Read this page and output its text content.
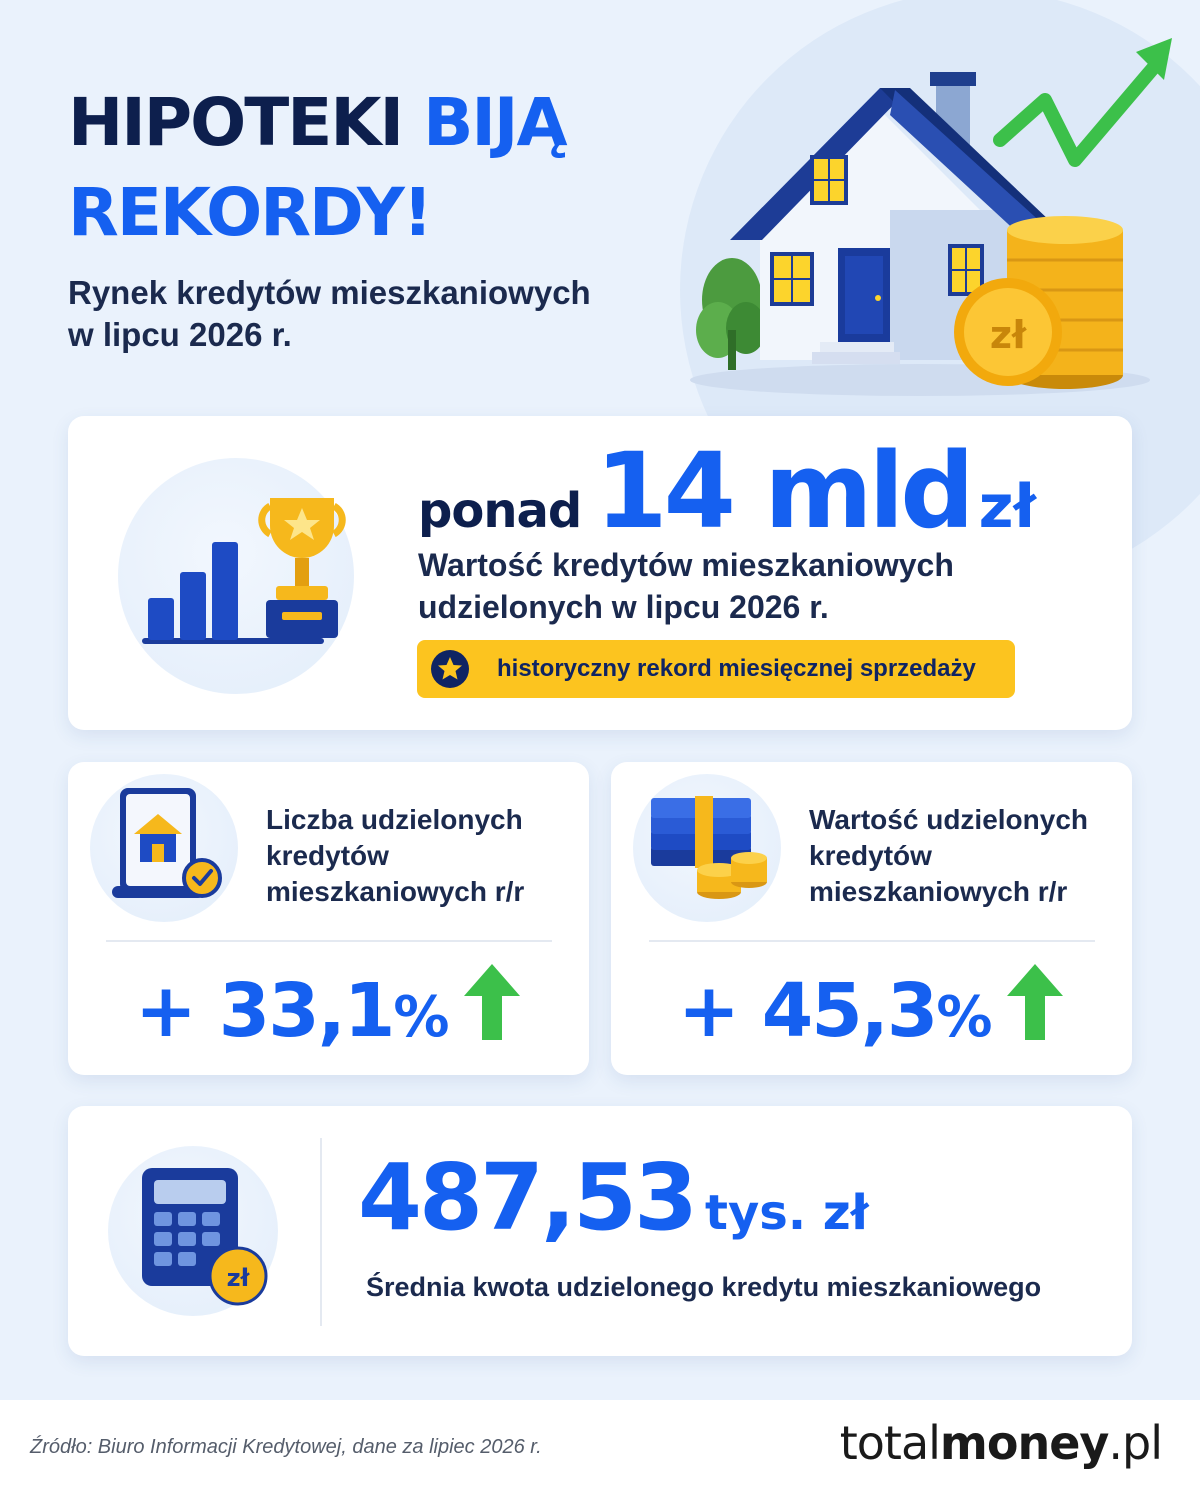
HIPOTEKI BIJĄ
REKORDY!
Rynek kredytów mieszkaniowych
w lipcu 2026 r.	zł
ponad 14 mld zł
Wartość kredytów mieszkaniowych
udzielonych w lipcu 2026 r.
historyczny rekord miesięcznej sprzedaży
Liczba udzielonych
kredytów
mieszkaniowych r/r
+ 33,1%
Wartość udzielonych
kredytów
mieszkaniowych r/r
+ 45,3%
zł
487,53 tys. zł
Średnia kwota udzielonego kredytu mieszkaniowego
Źródło: Biuro Informacji Kredytowej, dane za lipiec 2026 r.	totalmoney.pl
